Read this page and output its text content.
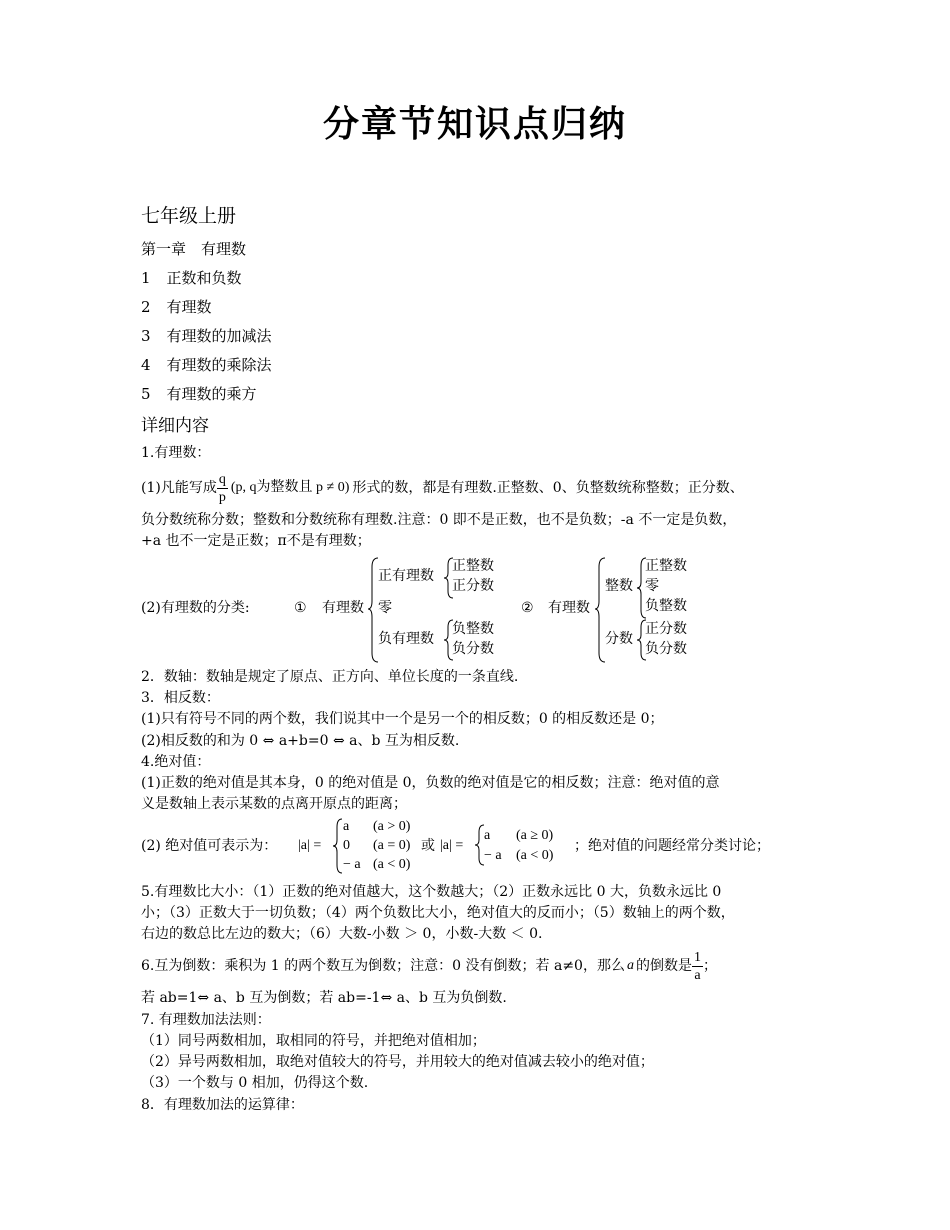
分章节知识点归纳
七年级上册
第一章　有理数
1 正数和负数
2 有理数
3 有理数的加减法
4 有理数的乘除法
5 有理数的乘方
详细内容
1.有理数：
(1)凡能写成 $\frac{q}{p} (p$, q为整数且 p ≠ 0) 形式的数，都是有理数.正整数、0、负整数统称整数；正分数、
负分数统称分数；整数和分数统称有理数.注意：0 即不是正数，也不是负数；-a 不一定是负数，
+a 也不一定是正数；π不是有理数；
(2)有理数的分类:	① 有理数
正有理数
正整数
正分数
零
负有理数
负整数
负分数
② 有理数
整数
正整数
零
负整数
分数
正分数
负分数
2．数轴：数轴是规定了原点、正方向、单位长度的一条直线.
3．相反数：
(1)只有符号不同的两个数，我们说其中一个是另一个的相反数；0 的相反数还是 0；
(2)相反数的和为 0 ⇔ a+b=0 ⇔ a、b 互为相反数.
4.绝对值：
(1)正数的绝对值是其本身，0 的绝对值是 0，负数的绝对值是它的相反数；注意：绝对值的意
义是数轴上表示某数的点离开原点的距离；
(2) 绝对值可表示为： |a| =
a (a > 0)
0 (a = 0)
− a (a < 0)
或 |a| =
a (a ≥ 0)
− a (a < 0)
；绝对值的问题经常分类讨论；
5.有理数比大小：（1）正数的绝对值越大，这个数越大；（2）正数永远比 0 大，负数永远比 0
小；（3）正数大于一切负数；（4）两个负数比大小，绝对值大的反而小；（5）数轴上的两个数，
右边的数总比左边的数大；（6）大数-小数 ＞ 0，小数-大数 ＜ 0.
6.互为倒数：乘积为 1 的两个数互为倒数；注意：0 没有倒数；若 a≠0，那么 a 的倒数是 $\frac{1}{a}$ ；
若 ab=1⇔ a、b 互为倒数；若 ab=-1⇔ a、b 互为负倒数.
7. 有理数加法法则：
（1）同号两数相加，取相同的符号，并把绝对值相加；
（2）异号两数相加，取绝对值较大的符号，并用较大的绝对值减去较小的绝对值；
（3）一个数与 0 相加，仍得这个数.
8．有理数加法的运算律：
